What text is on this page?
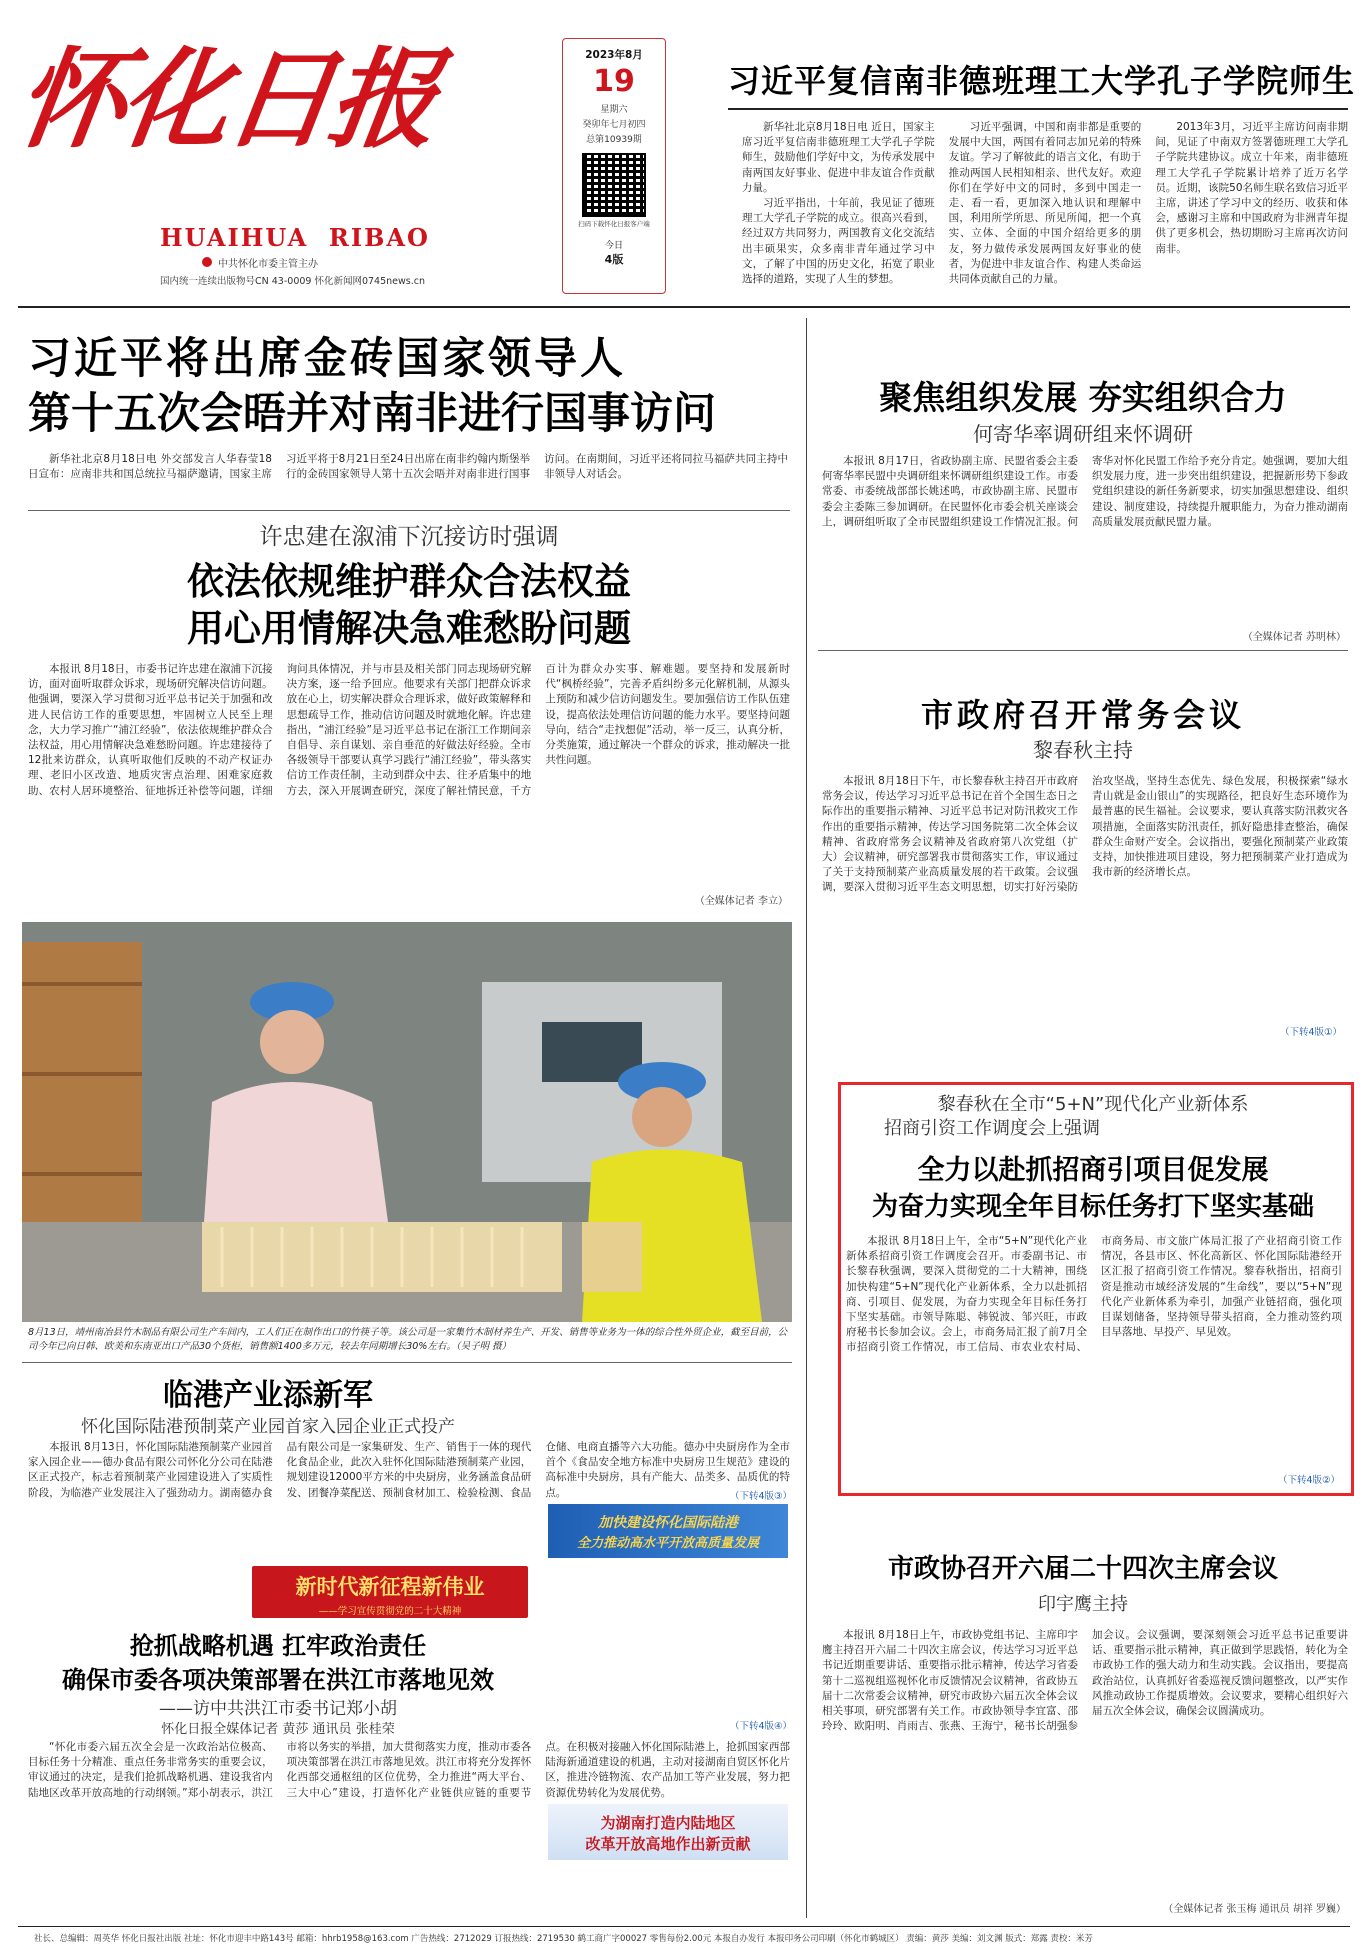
怀化日报
HUAIHUA  RIBAO
中共怀化市委主管主办
国内统一连续出版物号CN 43-0009 怀化新闻网0745news.cn
2023年8月
19
星期六
癸卯年七月初四
总第10939期
扫码下载怀化日报客户端
今日
4版
习近平复信南非德班理工大学孔子学院师生

新华社北京8月18日电 近日，国家主席习近平复信南非德班理工大学孔子学院师生，鼓励他们学好中文，为传承发展中南两国友好事业、促进中非友谊合作贡献力量。

习近平指出，十年前，我见证了德班理工大学孔子学院的成立。很高兴看到，经过双方共同努力，两国教育文化交流结出丰硕果实，众多南非青年通过学习中文，了解了中国的历史文化，拓宽了职业选择的道路，实现了人生的梦想。

习近平强调，中国和南非都是重要的发展中大国，两国有着同志加兄弟的特殊友谊。学习了解彼此的语言文化，有助于推动两国人民相知相亲、世代友好。欢迎你们在学好中文的同时，多到中国走一走、看一看，更加深入地认识和理解中国，利用所学所思、所见所闻，把一个真实、立体、全面的中国介绍给更多的朋友，努力做传承发展两国友好事业的使者，为促进中非友谊合作、构建人类命运共同体贡献自己的力量。

2013年3月，习近平主席访问南非期间，见证了中南双方签署德班理工大学孔子学院共建协议。成立十年来，南非德班理工大学孔子学院累计培养了近万名学员。近期，该院50名师生联名致信习近平主席，讲述了学习中文的经历、收获和体会，感谢习主席和中国政府为非洲青年提供了更多机会，热切期盼习主席再次访问南非。

习近平将出席金砖国家领导人
第十五次会晤并对南非进行国事访问

新华社北京8月18日电 外交部发言人华春莹18日宣布：应南非共和国总统拉马福萨邀请，国家主席习近平将于8月21日至24日出席在南非约翰内斯堡举行的金砖国家领导人第十五次会晤并对南非进行国事访问。在南期间，习近平还将同拉马福萨共同主持中非领导人对话会。

许忠建在溆浦下沉接访时强调
依法依规维护群众合法权益
用心用情解决急难愁盼问题

本报讯 8月18日，市委书记许忠建在溆浦下沉接访，面对面听取群众诉求，现场研究解决信访问题。他强调，要深入学习贯彻习近平总书记关于加强和改进人民信访工作的重要思想，牢固树立人民至上理念，大力学习推广“浦江经验”，依法依规维护群众合法权益，用心用情解决急难愁盼问题。许忠建接待了12批来访群众，认真听取他们反映的不动产权证办理、老旧小区改造、地质灾害点治理、困难家庭救助、农村人居环境整治、征地拆迁补偿等问题，详细询问具体情况，并与市县及相关部门同志现场研究解决方案，逐一给予回应。他要求有关部门把群众诉求放在心上，切实解决群众合理诉求，做好政策解释和思想疏导工作，推动信访问题及时就地化解。许忠建指出，“浦江经验”是习近平总书记在浙江工作期间亲自倡导、亲自谋划、亲自垂范的好做法好经验。全市各级领导干部要认真学习践行“浦江经验”，带头落实信访工作责任制，主动到群众中去、往矛盾集中的地方去，深入开展调查研究，深度了解社情民意，千方百计为群众办实事、解难题。要坚持和发展新时代“枫桥经验”，完善矛盾纠纷多元化解机制，从源头上预防和减少信访问题发生。要加强信访工作队伍建设，提高依法处理信访问题的能力水平。要坚持问题导向，结合“走找想促”活动，举一反三，认真分析，分类施策，通过解决一个群众的诉求，推动解决一批共性问题。

（全媒体记者 李立）
8月13日，靖州南冶县竹木制品有限公司生产车间内，工人们正在制作出口的竹筷子等。该公司是一家集竹木制材养生产、开发、销售等业务为一体的综合性外贸企业，截至目前，公司今年已向日韩、欧美和东南亚出口产品30个货柜，销售额1400多万元，较去年同期增长30%左右。（吴子明 摄）
临港产业添新军
怀化国际陆港预制菜产业园首家入园企业正式投产

本报讯 8月13日，怀化国际陆港预制菜产业园首家入园企业——德办食品有限公司怀化分公司在陆港区正式投产，标志着预制菜产业园建设进入了实质性阶段，为临港产业发展注入了强劲动力。湖南德办食品有限公司是一家集研发、生产、销售于一体的现代化食品企业，此次入驻怀化国际陆港预制菜产业园，规划建设12000平方米的中央厨房，业务涵盖食品研发、团餐净菜配送、预制食材加工、检验检测、食品仓储、电商直播等六大功能。德办中央厨房作为全市首个《食品安全地方标准中央厨房卫生规范》建设的高标准中央厨房，具有产能大、品类多、品质优的特点。	（下转4版③）
加快建设怀化国际陆港
全力推动高水平开放高质量发展
新时代新征程新伟业
——学习宣传贯彻党的二十大精神
抢抓战略机遇 扛牢政治责任
确保市委各项决策部署在洪江市落地见效
——访中共洪江市委书记郑小胡
怀化日报全媒体记者 黄莎 通讯员 张桂荣

“怀化市委六届五次全会是一次政治站位极高、目标任务十分精准、重点任务非常务实的重要会议，审议通过的决定，是我们抢抓战略机遇、建设我省内陆地区改革开放高地的行动纲领。”郑小胡表示，洪江市将以务实的举措，加大贯彻落实力度，推动市委各项决策部署在洪江市落地见效。洪江市将充分发挥怀化西部交通枢纽的区位优势，全力推进“两大平台、三大中心”建设，打造怀化产业链供应链的重要节点。在积极对接融入怀化国际陆港上，抢抓国家西部陆海新通道建设的机遇，主动对接湖南自贸区怀化片区，推进冷链物流、农产品加工等产业发展，努力把资源优势转化为发展优势。

（下转4版④）
为湖南打造内陆地区
改革开放高地作出新贡献
聚焦组织发展 夯实组织合力
何寄华率调研组来怀调研

本报讯 8月17日，省政协副主席、民盟省委会主委何寄华率民盟中央调研组来怀调研组织建设工作。市委常委、市委统战部部长姚述鸣，市政协副主席、民盟市委会主委陈三参加调研。在民盟怀化市委会机关座谈会上，调研组听取了全市民盟组织建设工作情况汇报。何寄华对怀化民盟工作给予充分肯定。她强调，要加大组织发展力度，进一步突出组织建设，把握新形势下参政党组织建设的新任务新要求，切实加强思想建设、组织建设、制度建设，持续提升履职能力，为奋力推动湖南高质量发展贡献民盟力量。

（全媒体记者 苏明林）
市政府召开常务会议
黎春秋主持

本报讯 8月18日下午，市长黎春秋主持召开市政府常务会议，传达学习习近平总书记在首个全国生态日之际作出的重要指示精神、习近平总书记对防汛救灾工作作出的重要指示精神，传达学习国务院第二次全体会议精神、省政府常务会议精神及省政府第八次党组（扩大）会议精神，研究部署我市贯彻落实工作，审议通过了关于支持预制菜产业高质量发展的若干政策。会议强调，要深入贯彻习近平生态文明思想，切实打好污染防治攻坚战，坚持生态优先、绿色发展，积极探索“绿水青山就是金山银山”的实现路径，把良好生态环境作为最普惠的民生福祉。会议要求，要认真落实防汛救灾各项措施，全面落实防汛责任，抓好隐患排查整治，确保群众生命财产安全。会议指出，要强化预制菜产业政策支持，加快推进项目建设，努力把预制菜产业打造成为我市新的经济增长点。

（下转4版①）
黎春秋在全市“5+N”现代化产业新体系
招商引资工作调度会上强调
全力以赴抓招商引项目促发展
为奋力实现全年目标任务打下坚实基础

本报讯 8月18日上午，全市“5+N”现代化产业新体系招商引资工作调度会召开。市委副书记、市长黎春秋强调，要深入贯彻党的二十大精神，围绕加快构建“5+N”现代化产业新体系，全力以赴抓招商、引项目、促发展，为奋力实现全年目标任务打下坚实基础。市领导陈聪、韩锐波、邹兴旺，市政府秘书长参加会议。会上，市商务局汇报了前7月全市招商引资工作情况，市工信局、市农业农村局、市商务局、市文旅广体局汇报了产业招商引资工作情况，各县市区、怀化高新区、怀化国际陆港经开区汇报了招商引资工作情况。黎春秋指出，招商引资是推动市域经济发展的“生命线”，要以“5+N”现代化产业新体系为牵引，加强产业链招商，强化项目谋划储备，坚持领导带头招商，全力推动签约项目早落地、早投产、早见效。

（下转4版②）
市政协召开六届二十四次主席会议
印宇鹰主持

本报讯 8月18日上午，市政协党组书记、主席印宇鹰主持召开六届二十四次主席会议，传达学习习近平总书记近期重要讲话、重要指示批示精神，传达学习省委第十二巡视组巡视怀化市反馈情况会议精神，省政协五届十二次常委会议精神，研究市政协六届五次全体会议相关事项，研究部署有关工作。市政协领导李宜富、邵玲玲、欧阳明、肖雨吉、张燕、王海宁，秘书长胡强参加会议。会议强调，要深刻领会习近平总书记重要讲话、重要指示批示精神，真正做到学思践悟，转化为全市政协工作的强大动力和生动实践。会议指出，要提高政治站位，认真抓好省委巡视反馈问题整改，以严实作风推动政协工作提质增效。会议要求，要精心组织好六届五次全体会议，确保会议圆满成功。

（全媒体记者 张玉梅 通讯员 胡祥 罗巍）
社长、总编辑：周英华 怀化日报社出版 社址：怀化市迎丰中路143号 邮箱：hhrb1958@163.com 广告热线：2712029 订报热线：2719530 鹤工商广字00027 零售每份2.00元 本报自办发行 本报印务公司印刷（怀化市鹤城区） 责编：黄莎 美编：刘文渊 版式：郑露 责校：米芳
